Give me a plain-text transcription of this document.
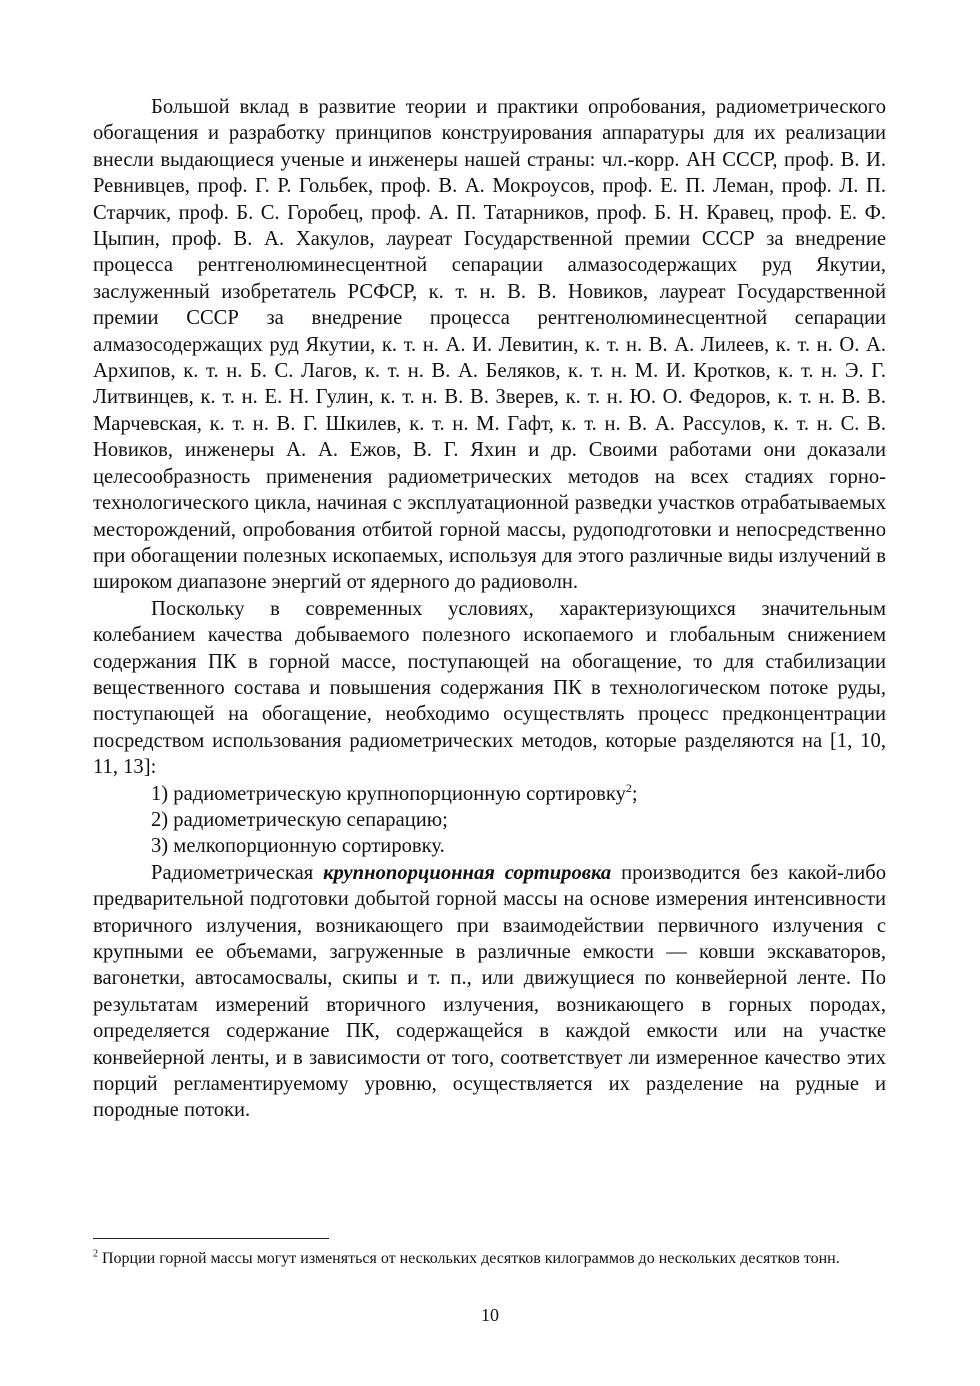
Большой вклад в развитие теории и практики опробования, радиометрического обогащения и разработку принципов конструирования аппаратуры для их реализации внесли выдающиеся ученые и инженеры нашей страны: чл.-корр. АН СССР, проф. В. И. Ревнивцев, проф. Г. Р. Гольбек, проф. В. А. Мокроусов, проф. Е. П. Леман, проф. Л. П. Старчик, проф. Б. С. Горобец, проф. А. П. Татарников, проф. Б. Н. Кравец, проф. Е. Ф. Цыпин, проф. В. А. Хакулов, лауреат Государственной премии СССР за внедрение процесса рентгенолюминесцентной сепарации алмазосодержащих руд Якутии, заслуженный изобретатель РСФСР, к. т. н. В. В. Новиков, лауреат Государственной премии СССР за внедрение процесса рентгенолюминесцентной сепарации алмазосодержащих руд Якутии, к. т. н. А. И. Левитин, к. т. н. В. А. Лилеев, к. т. н. О. А. Архипов, к. т. н. Б. С. Лагов, к. т. н. В. А. Беляков, к. т. н. М. И. Кротков, к. т. н. Э. Г. Литвинцев, к. т. н. Е. Н. Гулин, к. т. н. В. В. Зверев, к. т. н. Ю. О. Федоров, к. т. н. В. В. Марчевская, к. т. н. В. Г. Шкилев, к. т. н. М. Гафт, к. т. н. В. А. Рассулов, к. т. н. С. В. Новиков, инженеры А. А. Ежов, В. Г. Яхин и др. Своими работами они доказали целесообразность применения радиометрических методов на всех стадиях горно-технологического цикла, начиная с эксплуатационной разведки участков отрабатываемых месторождений, опробования отбитой горной массы, рудоподготовки и непосредственно при обогащении полезных ископаемых, используя для этого различные виды излучений в широком диапазоне энергий от ядерного до радиоволн.

Поскольку в современных условиях, характеризующихся значительным колебанием качества добываемого полезного ископаемого и глобальным снижением содержания ПК в горной массе, поступающей на обогащение, то для стабилизации вещественного состава и повышения содержания ПК в технологическом потоке руды, поступающей на обогащение, необходимо осуществлять процесс предконцентрации посредством использования радиометрических методов, которые разделяются на [1, 10, 11, 13]:

1) радиометрическую крупнопорционную сортировку$^2$;

2) радиометрическую сепарацию;

3) мелкопорционную сортировку.

Радиометрическая крупнопорционная сортировка производится без какой-либо предварительной подготовки добытой горной массы на основе измерения интенсивности вторичного излучения, возникающего при взаимодействии первичного излучения с крупными ее объемами, загруженные в различные емкости — ковши экскаваторов, вагонетки, автосамосвалы, скипы и т. п., или движущиеся по конвейерной ленте. По результатам измерений вторичного излучения, возникающего в горных породах, определяется содержание ПК, содержащейся в каждой емкости или на участке конвейерной ленты, и в зависимости от того, соответствует ли измеренное качество этих порций регламентируемому уровню, осуществляется их разделение на рудные и породные потоки.

$^2$ Порции горной массы могут изменяться от нескольких десятков килограммов до нескольких десятков тонн.
10
